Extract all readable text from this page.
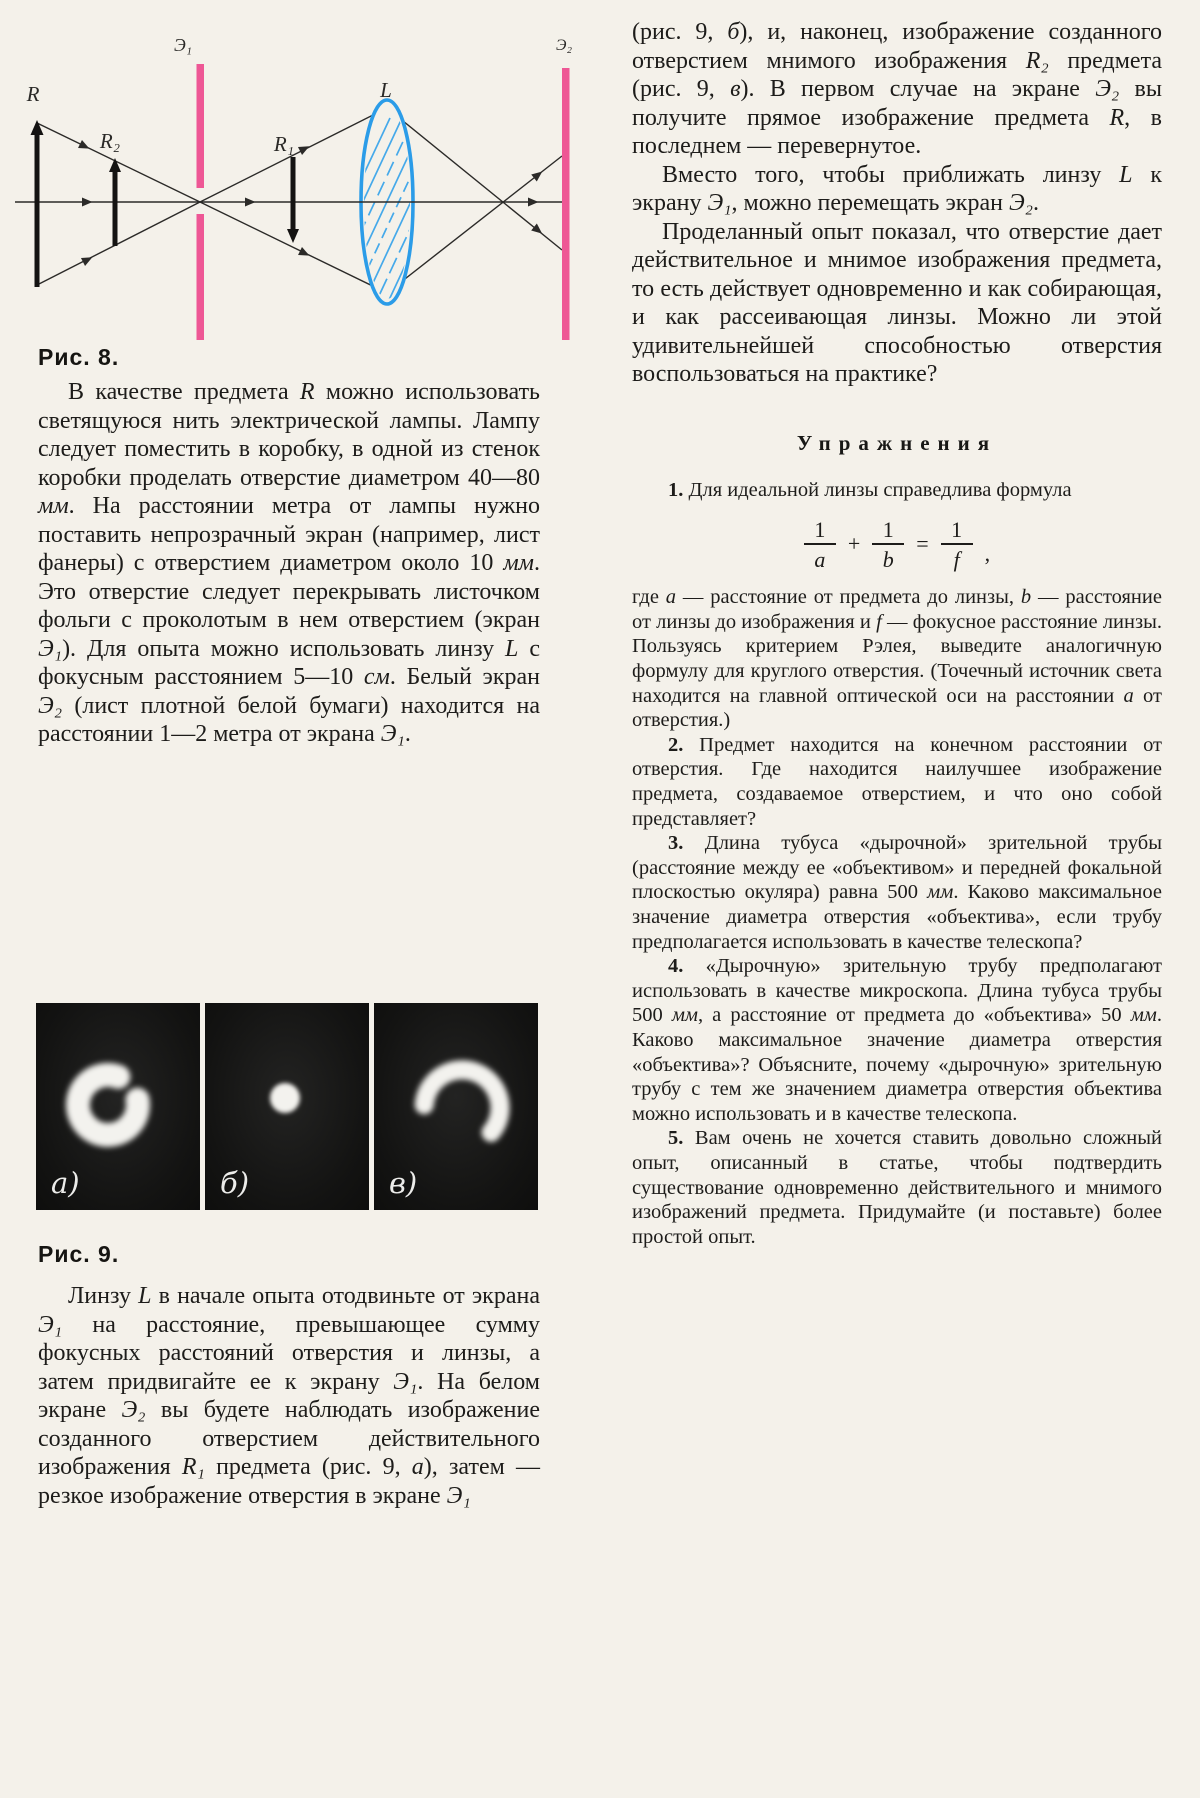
R
R₂
Э₁
R₁
L
Э₂
Рис. 8.

В качестве предмета R можно использовать светящуюся нить электрической лампы. Лампу следует поместить в коробку, в одной из стенок коробки проделать отверстие диаметром 40—80 мм. На расстоянии метра от лампы нужно поставить непрозрачный экран (например, лист фанеры) с отверстием диаметром около 10 мм. Это отверстие следует перекрывать листочком фольги с проколотым в нем отверстием (экран Э₁). Для опыта можно использовать линзу L с фокусным расстоянием 5—10 см. Белый экран Э₂ (лист плотной белой бумаги) находится на расстоянии 1—2 метра от экрана Э₁.

а)	б)	в)
Рис. 9.

Линзу L в начале опыта отодвиньте от экрана Э₁ на расстояние, превышающее сумму фокусных расстояний отверстия и линзы, а затем придвигайте ее к экрану Э₁. На белом экране Э₂ вы будете наблюдать изображение созданного отверстием действительного изображения R₁ предмета (рис. 9, а), затем — резкое изображение отверстия в экране Э₁

(рис. 9, б), и, наконец, изображение созданного отверстием мнимого изображения R₂ предмета (рис. 9, в). В первом случае на экране Э₂ вы получите прямое изображение предмета R, в последнем — перевернутое.

Вместо того, чтобы приближать линзу L к экрану Э₁, можно перемещать экран Э₂.

Проделанный опыт показал, что отверстие дает действительное и мнимое изображения предмета, то есть действует одновременно и как собирающая, и как рассеивающая линзы. Можно ли этой удивительнейшей способностью отверстия воспользоваться на практике?

Упражнения

1. Для идеальной линзы справедлива формула

$\frac{1}{a} + \frac{1}{b} = \frac{1}{f}$ ,

где a — расстояние от предмета до линзы, b — расстояние от линзы до изображения и f — фокусное расстояние линзы. Пользуясь критерием Рэлея, выведите аналогичную формулу для круглого отверстия. (Точечный источник света находится на главной оптической оси на расстоянии a от отверстия.)

2. Предмет находится на конечном расстоянии от отверстия. Где находится наилучшее изображение предмета, создаваемое отверстием, и что оно собой представляет?

3. Длина тубуса «дырочной» зрительной трубы (расстояние между ее «объективом» и передней фокальной плоскостью окуляра) равна 500 мм. Каково максимальное значение диаметра отверстия «объектива», если трубу предполагается использовать в качестве телескопа?

4. «Дырочную» зрительную трубу предполагают использовать в качестве микроскопа. Длина тубуса трубы 500 мм, а расстояние от предмета до «объектива» 50 мм. Каково максимальное значение диаметра отверстия «объектива»? Объясните, почему «дырочную» зрительную трубу с тем же значением диаметра отверстия объектива можно использовать и в качестве телескопа.

5. Вам очень не хочется ставить довольно сложный опыт, описанный в статье, чтобы подтвердить существование одновременно действительного и мнимого изображений предмета. Придумайте (и поставьте) более простой опыт.
